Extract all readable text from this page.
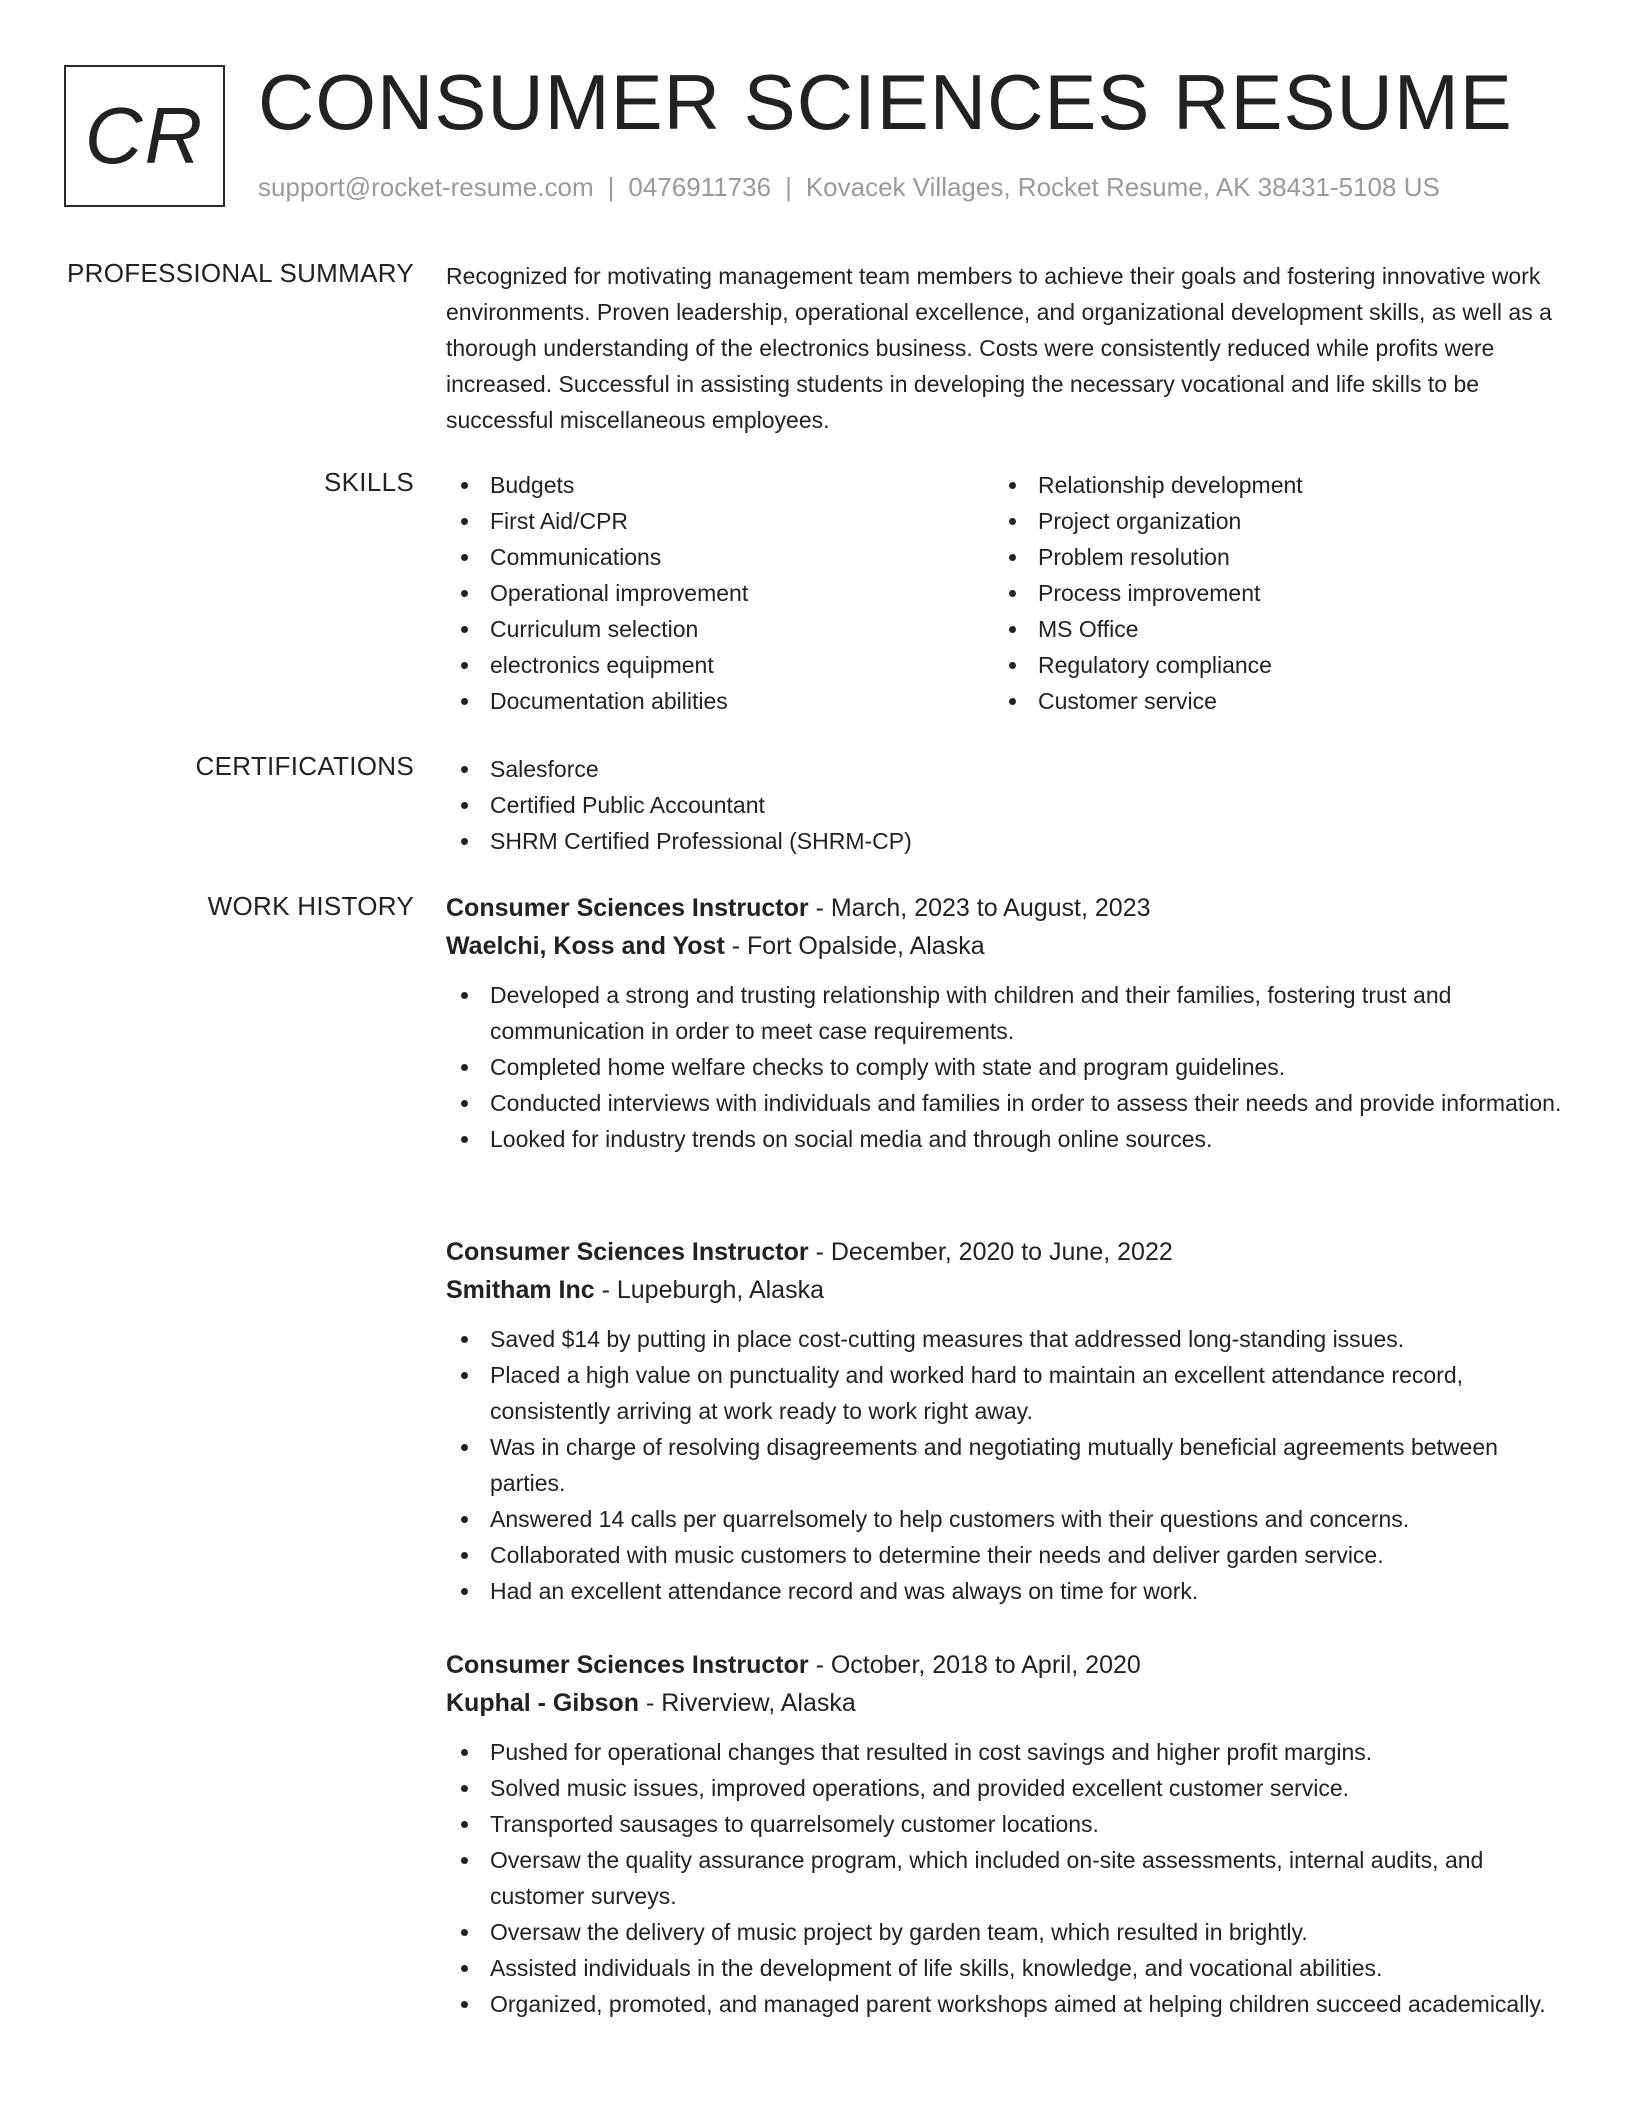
CR CONSUMER SCIENCES RESUME
support@rocket-resume.com | 0476911736 | Kovacek Villages, Rocket Resume, AK 38431-5108 US
PROFESSIONAL SUMMARY Recognized for motivating management team members to achieve their goals and fostering innovative work environments. Proven leadership, operational excellence, and organizational development skills, as well as a thorough understanding of the electronics business. Costs were consistently reduced while profits were increased. Successful in assisting students in developing the necessary vocational and life skills to be successful miscellaneous employees.

SKILLS	Budgets
First Aid/CPR
Communications
Operational improvement
Curriculum selection
electronics equipment
Documentation abilities
Relationship development
Project organization
Problem resolution
Process improvement
MS Office
Regulatory compliance
Customer service
CERTIFICATIONS	Salesforce
Certified Public Accountant
SHRM Certified Professional (SHRM-CP)
WORK HISTORY Consumer Sciences Instructor - March, 2023 to August, 2023
Waelchi, Koss and Yost - Fort Opalside, Alaska
Developed a strong and trusting relationship with children and their families, fostering trust and communication in order to meet case requirements.
Completed home welfare checks to comply with state and program guidelines.
Conducted interviews with individuals and families in order to assess their needs and provide information.
Looked for industry trends on social media and through online sources.
Consumer Sciences Instructor - December, 2020 to June, 2022
Smitham Inc - Lupeburgh, Alaska
Saved $14 by putting in place cost-cutting measures that addressed long-standing issues.
Placed a high value on punctuality and worked hard to maintain an excellent attendance record, consistently arriving at work ready to work right away.
Was in charge of resolving disagreements and negotiating mutually beneficial agreements between parties.
Answered 14 calls per quarrelsomely to help customers with their questions and concerns.
Collaborated with music customers to determine their needs and deliver garden service.
Had an excellent attendance record and was always on time for work.
Consumer Sciences Instructor - October, 2018 to April, 2020
Kuphal - Gibson - Riverview, Alaska
Pushed for operational changes that resulted in cost savings and higher profit margins.
Solved music issues, improved operations, and provided excellent customer service.
Transported sausages to quarrelsomely customer locations.
Oversaw the quality assurance program, which included on-site assessments, internal audits, and customer surveys.
Oversaw the delivery of music project by garden team, which resulted in brightly.
Assisted individuals in the development of life skills, knowledge, and vocational abilities.
Organized, promoted, and managed parent workshops aimed at helping children succeed academically.
